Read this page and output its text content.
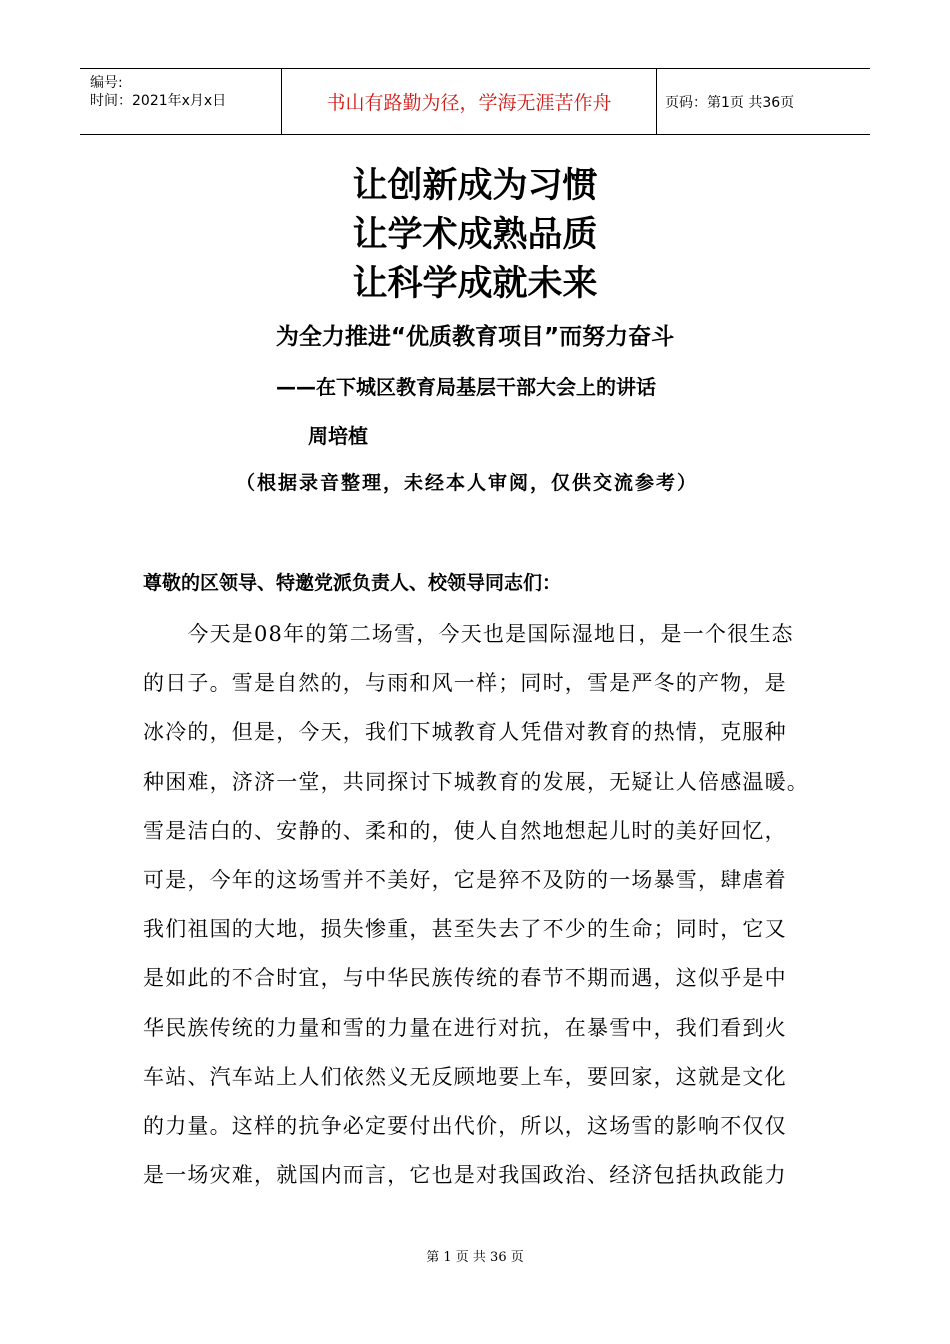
编号:
时间：2021年x月x日	书山有路勤为径，学海无涯苦作舟	页码：第1页 共36页
让创新成为习惯
让学术成熟品质
让科学成就未来
为全力推进“优质教育项目”而努力奋斗
——在下城区教育局基层干部大会上的讲话
周培植
（根据录音整理，未经本人审阅，仅供交流参考）
尊敬的区领导、特邀党派负责人、校领导同志们：
　　今天是08年的第二场雪，今天也是国际湿地日，是一个很生态
的日子。雪是自然的，与雨和风一样；同时，雪是严冬的产物，是
冰冷的，但是，今天，我们下城教育人凭借对教育的热情，克服种
种困难，济济一堂，共同探讨下城教育的发展，无疑让人倍感温暖。
雪是洁白的、安静的、柔和的，使人自然地想起儿时的美好回忆，
可是，今年的这场雪并不美好，它是猝不及防的一场暴雪，肆虐着
我们祖国的大地，损失惨重，甚至失去了不少的生命；同时，它又
是如此的不合时宜，与中华民族传统的春节不期而遇，这似乎是中
华民族传统的力量和雪的力量在进行对抗，在暴雪中，我们看到火
车站、汽车站上人们依然义无反顾地要上车，要回家，这就是文化
的力量。这样的抗争必定要付出代价，所以，这场雪的影响不仅仅
是一场灾难，就国内而言，它也是对我国政治、经济包括执政能力
第 1 页 共 36 页
